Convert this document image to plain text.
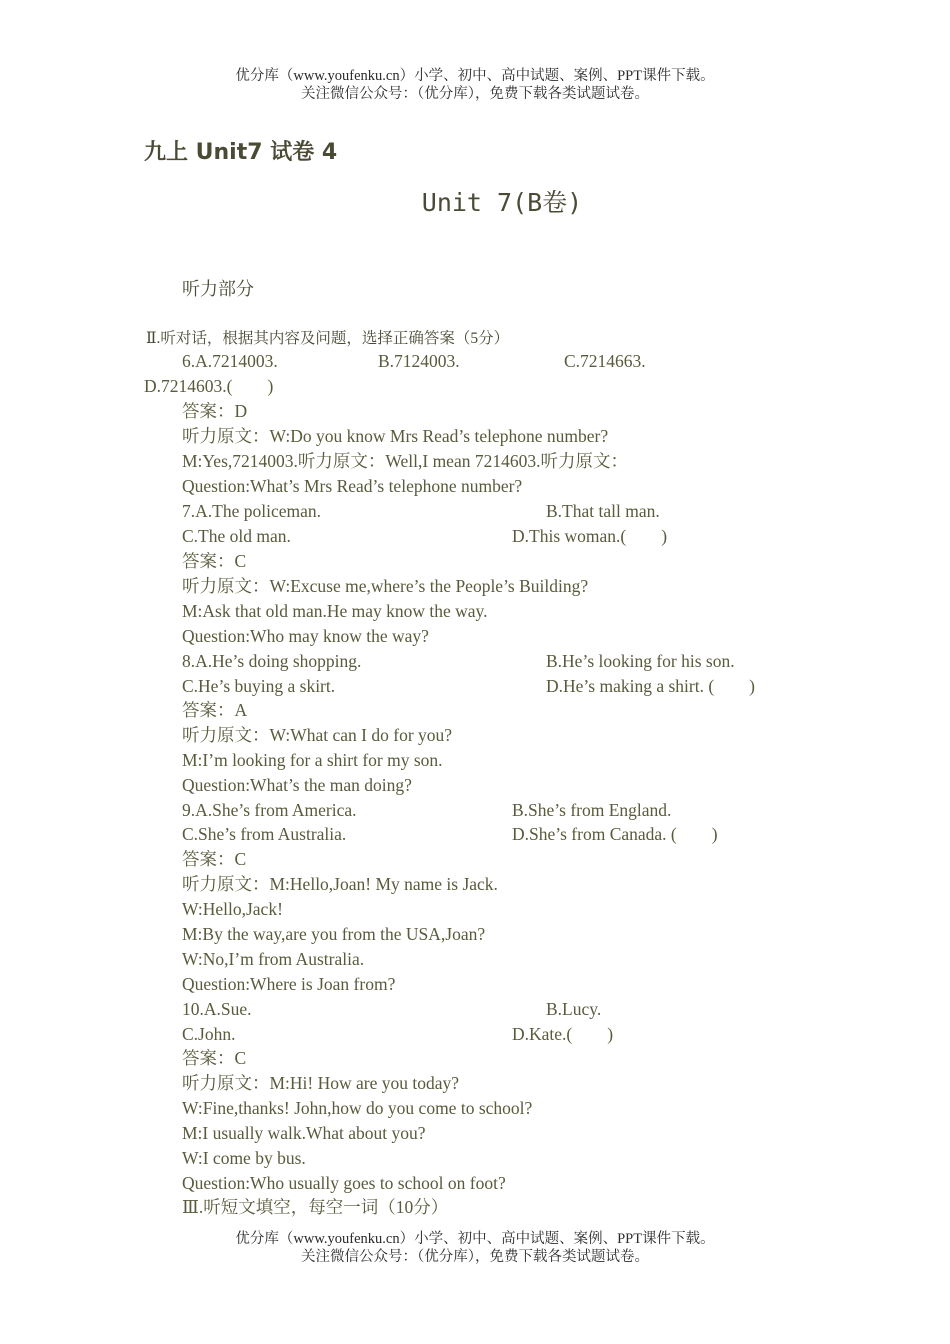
优分库（www.youfenku.cn）小学、初中、高中试题、案例、PPT课件下载。
关注微信公众号：（优分库），免费下载各类试题试卷。
九上 Unit7 试卷 4
Unit 7(B卷)
听力部分
Ⅱ.听对话，根据其内容及问题，选择正确答案（5分）
6.A.7214003.	B.7124003.	C.7214663.
D.7214603.(　　)
答案：D
听力原文：W:Do you know Mrs Read’s telephone number?
M:Yes,7214003.听力原文：Well,I mean 7214603.听力原文：
Question:What’s Mrs Read’s telephone number?
7.A.The policeman.	B.That tall man.
C.The old man.	D.This woman.(　　)
答案：C
听力原文：W:Excuse me,where’s the People’s Building?
M:Ask that old man.He may know the way.
Question:Who may know the way?
8.A.He’s doing shopping.	B.He’s looking for his son.
C.He’s buying a skirt.	D.He’s making a shirt. (　　)
答案：A
听力原文：W:What can I do for you?
M:I’m looking for a shirt for my son.
Question:What’s the man doing?
9.A.She’s from America.	B.She’s from England.
C.She’s from Australia.	D.She’s from Canada. (　　)
答案：C
听力原文：M:Hello,Joan! My name is Jack.
W:Hello,Jack!
M:By the way,are you from the USA,Joan?
W:No,I’m from Australia.
Question:Where is Joan from?
10.A.Sue.	B.Lucy.
C.John.	D.Kate.(　　)
答案：C
听力原文：M:Hi! How are you today?
W:Fine,thanks! John,how do you come to school?
M:I usually walk.What about you?
W:I come by bus.
Question:Who usually goes to school on foot?
Ⅲ.听短文填空，每空一词（10分）
优分库（www.youfenku.cn）小学、初中、高中试题、案例、PPT课件下载。
关注微信公众号：（优分库），免费下载各类试题试卷。
